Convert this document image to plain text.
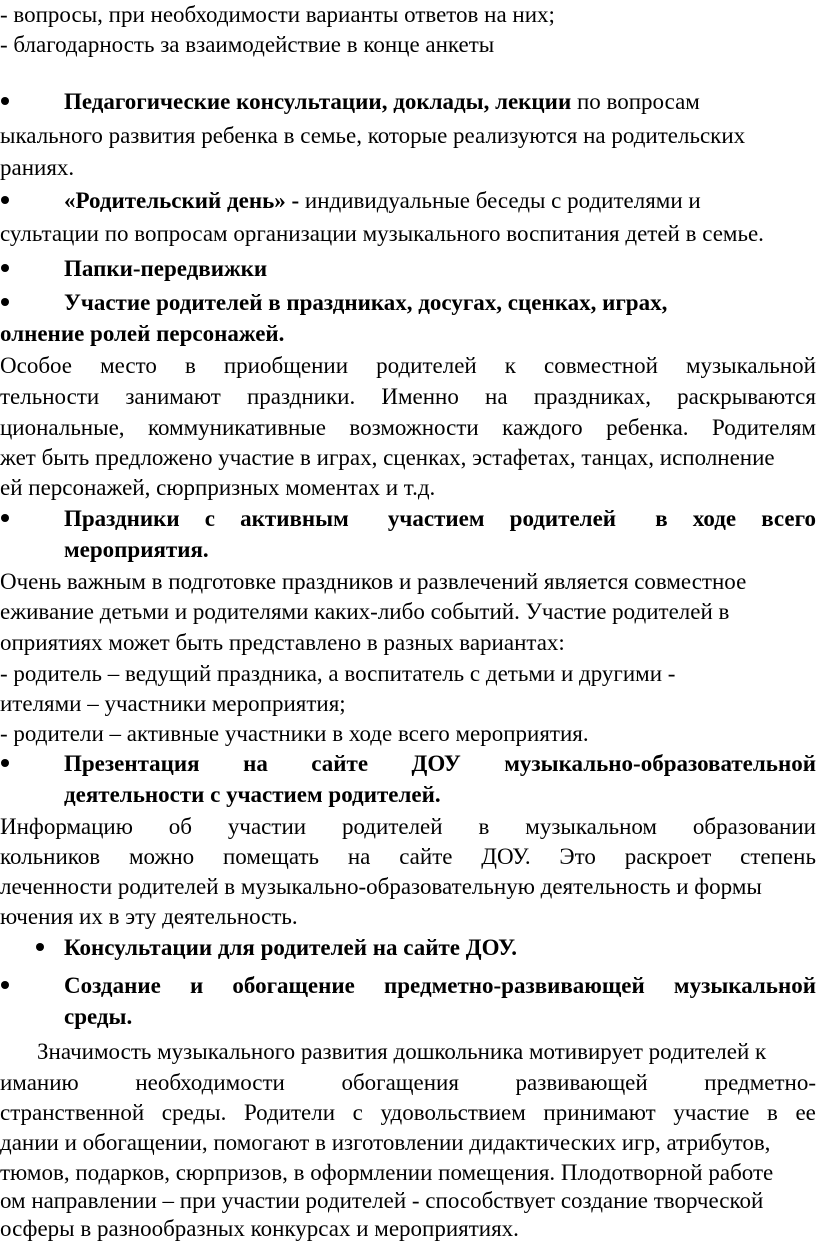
- вопросы, при необходимости варианты ответов на них;
- благодарность за взаимодействие в конце анкеты
Педагогические консультации, доклады, лекции по вопросам
ыкального развития ребенка в семье, которые реализуются на родительских
раниях.
«Родительский день» - индивидуальные беседы с родителями и
сультации по вопросам организации музыкального воспитания детей в семье.
Папки-передвижки
Участие родителей в праздниках, досугах, сценках, играх,
олнение ролей персонажей.
Особое место в приобщении родителей к совместной музыкальной
тельности занимают праздники. Именно на праздниках, раскрываются
циональные, коммуникативные возможности каждого ребенка. Родителям
жет быть предложено участие в играх, сценках, эстафетах, танцах, исполнение
ей персонажей, сюрпризных моментах и т.д.
Праздники с активным участием родителей в ходе всего
мероприятия.
Очень важным в подготовке праздников и развлечений является совместное
еживание детьми и родителями каких-либо событий. Участие родителей в
оприятиях может быть представлено в разных вариантах:
- родитель – ведущий праздника, а воспитатель с детьми и другими -
ителями – участники мероприятия;
- родители – активные участники в ходе всего мероприятия.
Презентация на сайте ДОУ музыкально-образовательной
деятельности с участием родителей.
Информацию об участии родителей в музыкальном образовании
кольников можно помещать на сайте ДОУ. Это раскроет степень
леченности родителей в музыкально-образовательную деятельность и формы
ючения их в эту деятельность.
Консультации для родителей на сайте ДОУ.
Создание и обогащение предметно-развивающей музыкальной
среды.
Значимость музыкального развития дошкольника мотивирует родителей к
иманию необходимости обогащения развивающей предметно-
странственной среды. Родители с удовольствием принимают участие в ее
дании и обогащении, помогают в изготовлении дидактических игр, атрибутов,
тюмов, подарков, сюрпризов, в оформлении помещения. Плодотворной работе
ом направлении – при участии родителей - способствует создание творческой
осферы в разнообразных конкурсах и мероприятиях.
